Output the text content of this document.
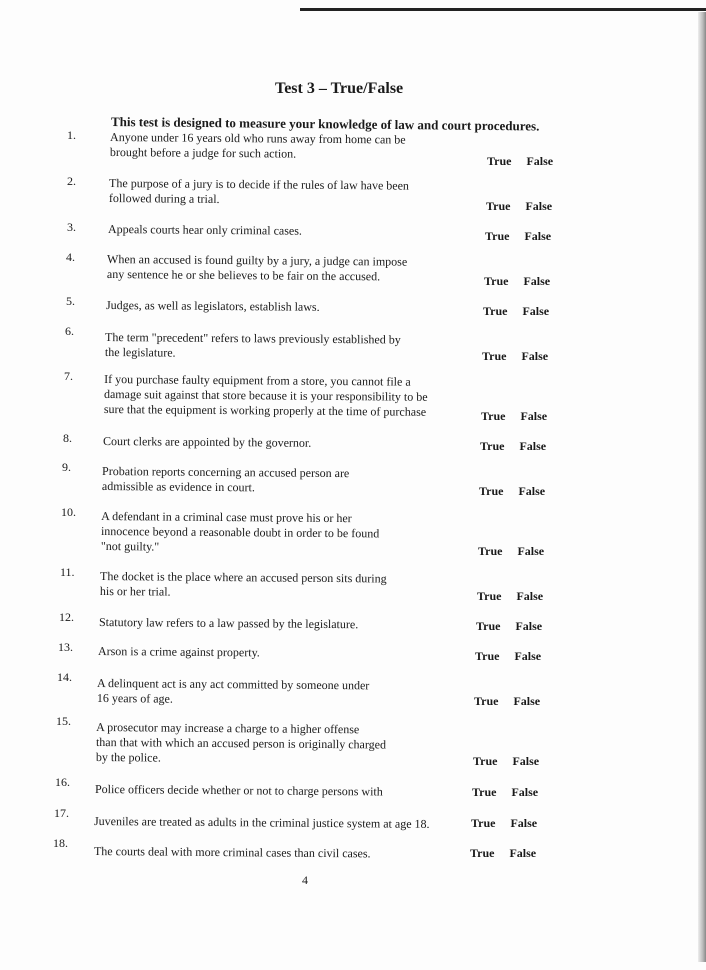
Test 3 – True/False
This test is designed to measure your knowledge of law and court procedures.
1.	Anyone under 16 years old who runs away from home can be
brought before a judge for such action.
True False
2.	The purpose of a jury is to decide if the rules of law have been
followed during a trial.
True False
3.	Appeals courts hear only criminal cases.	True False
4.	When an accused is found guilty by a jury, a judge can impose
any sentence he or she believes to be fair on the accused.	True False
5.	Judges, as well as legislators, establish laws.	True False
6.	The term "precedent" refers to laws previously established by
the legislature.	True False
7.	If you purchase faulty equipment from a store, you cannot file a
damage suit against that store because it is your responsibility to be
sure that the equipment is working properly at the time of purchase	True False
8.	Court clerks are appointed by the governor.	True False
9.	Probation reports concerning an accused person are
admissible as evidence in court.	True False
10. A defendant in a criminal case must prove his or her
innocence beyond a reasonable doubt in order to be found
"not guilty."	True False
11. The docket is the place where an accused person sits during
his or her trial.	True False
12. Statutory law refers to a law passed by the legislature.	True False
13. Arson is a crime against property.	True False
14. A delinquent act is any act committed by someone under
16 years of age.	True False
15. A prosecutor may increase a charge to a higher offense
than that with which an accused person is originally charged
by the police.	True False
16.
Police officers decide whether or not to charge persons with	True False
17.
Juveniles are treated as adults in the criminal justice system at age 18.	True False
18.
The courts deal with more criminal cases than civil cases.	True False
4
